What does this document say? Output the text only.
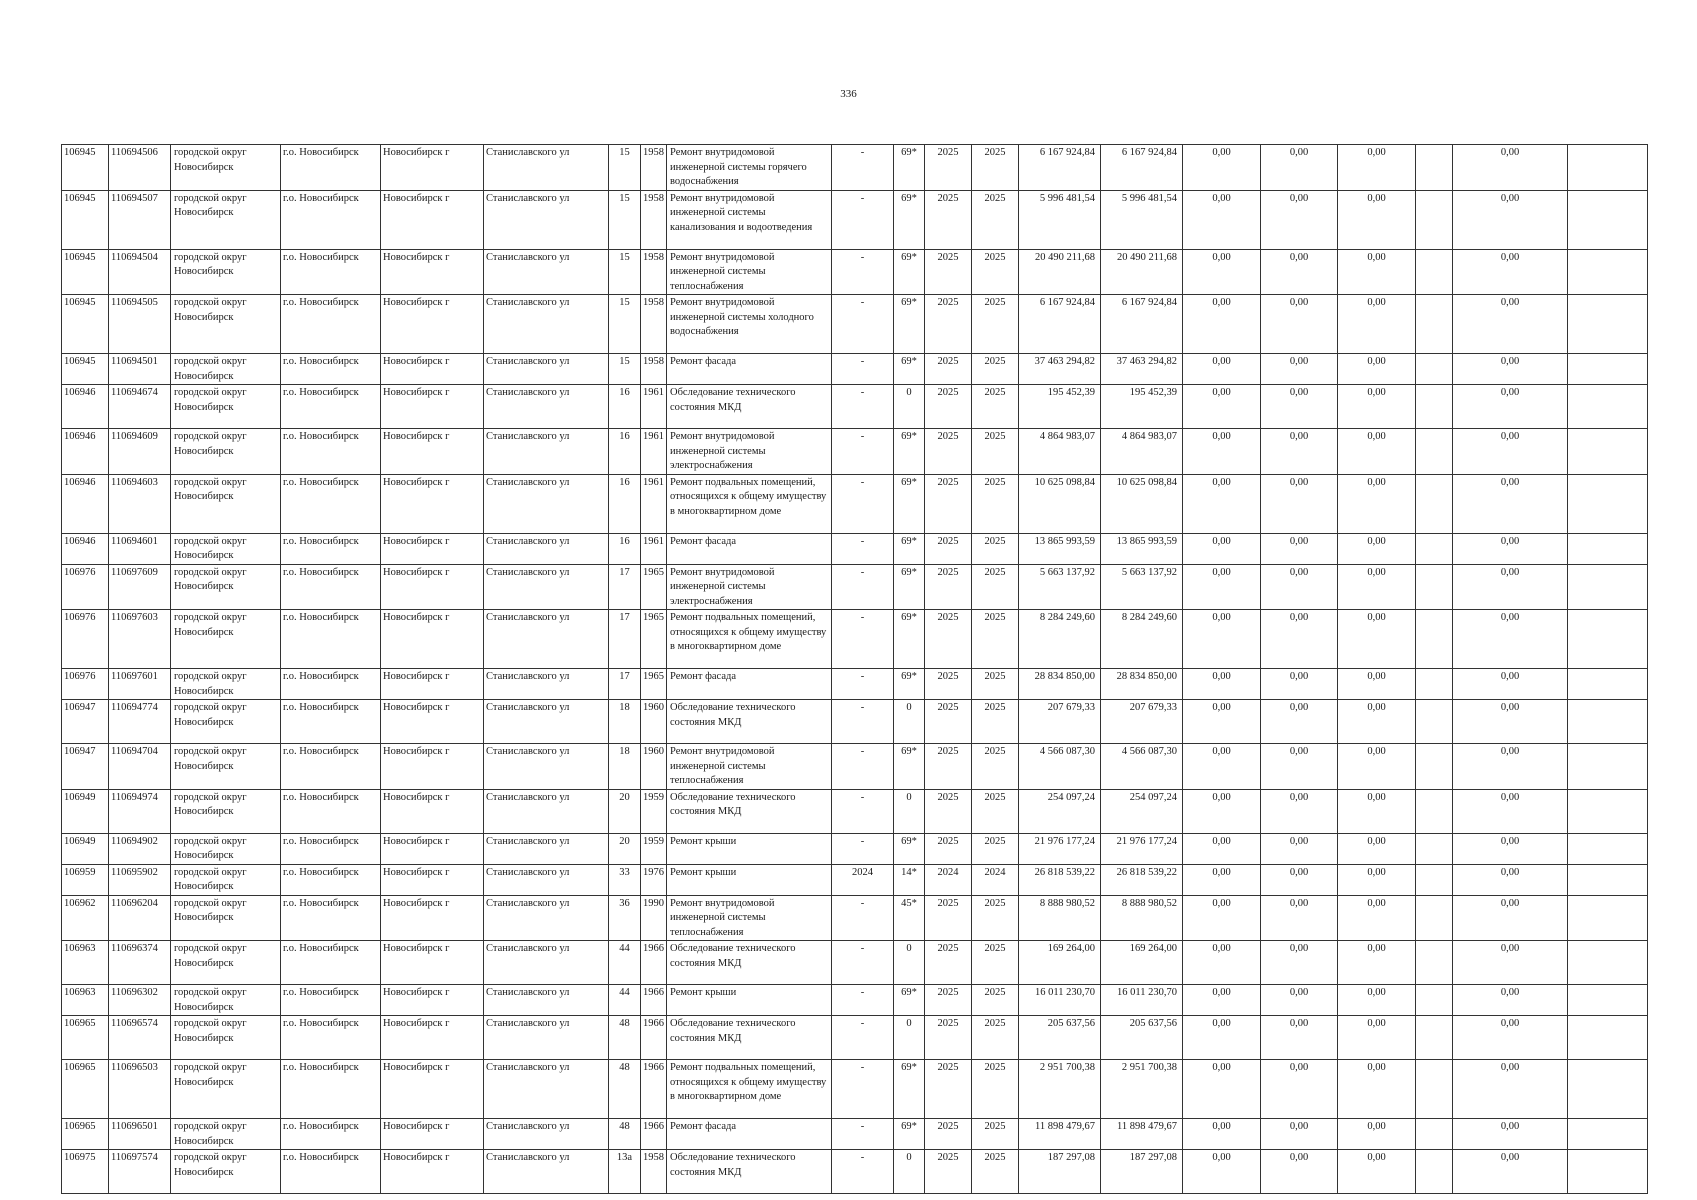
336
106945	110694506	городской округ Новосибирск	г.о. Новосибирск	Новосибирск г	Станиславского ул	15	1958	Ремонт внутридомовой инженерной системы горячего водоснабжения	-	69*	2025	2025	6 167 924,84	6 167 924,84	0,00	0,00	0,00		0,00	
106945	110694507	городской округ Новосибирск	г.о. Новосибирск	Новосибирск г	Станиславского ул	15	1958	Ремонт внутридомовой инженерной системы канализования и водоотведения	-	69*	2025	2025	5 996 481,54	5 996 481,54	0,00	0,00	0,00		0,00	
106945	110694504	городской округ Новосибирск	г.о. Новосибирск	Новосибирск г	Станиславского ул	15	1958	Ремонт внутридомовой инженерной системы теплоснабжения	-	69*	2025	2025	20 490 211,68	20 490 211,68	0,00	0,00	0,00		0,00	
106945	110694505	городской округ Новосибирск	г.о. Новосибирск	Новосибирск г	Станиславского ул	15	1958	Ремонт внутридомовой инженерной системы холодного водоснабжения	-	69*	2025	2025	6 167 924,84	6 167 924,84	0,00	0,00	0,00		0,00	
106945	110694501	городской округ Новосибирск	г.о. Новосибирск	Новосибирск г	Станиславского ул	15	1958	Ремонт фасада	-	69*	2025	2025	37 463 294,82	37 463 294,82	0,00	0,00	0,00		0,00	
106946	110694674	городской округ Новосибирск	г.о. Новосибирск	Новосибирск г	Станиславского ул	16	1961	Обследование технического состояния МКД	-	0	2025	2025	195 452,39	195 452,39	0,00	0,00	0,00		0,00	
106946	110694609	городской округ Новосибирск	г.о. Новосибирск	Новосибирск г	Станиславского ул	16	1961	Ремонт внутридомовой инженерной системы электроснабжения	-	69*	2025	2025	4 864 983,07	4 864 983,07	0,00	0,00	0,00		0,00	
106946	110694603	городской округ Новосибирск	г.о. Новосибирск	Новосибирск г	Станиславского ул	16	1961	Ремонт подвальных помещений, относящихся к общему имуществу в многоквартирном доме	-	69*	2025	2025	10 625 098,84	10 625 098,84	0,00	0,00	0,00		0,00	
106946	110694601	городской округ Новосибирск	г.о. Новосибирск	Новосибирск г	Станиславского ул	16	1961	Ремонт фасада	-	69*	2025	2025	13 865 993,59	13 865 993,59	0,00	0,00	0,00		0,00	
106976	110697609	городской округ Новосибирск	г.о. Новосибирск	Новосибирск г	Станиславского ул	17	1965	Ремонт внутридомовой инженерной системы электроснабжения	-	69*	2025	2025	5 663 137,92	5 663 137,92	0,00	0,00	0,00		0,00	
106976	110697603	городской округ Новосибирск	г.о. Новосибирск	Новосибирск г	Станиславского ул	17	1965	Ремонт подвальных помещений, относящихся к общему имуществу в многоквартирном доме	-	69*	2025	2025	8 284 249,60	8 284 249,60	0,00	0,00	0,00		0,00	
106976	110697601	городской округ Новосибирск	г.о. Новосибирск	Новосибирск г	Станиславского ул	17	1965	Ремонт фасада	-	69*	2025	2025	28 834 850,00	28 834 850,00	0,00	0,00	0,00		0,00	
106947	110694774	городской округ Новосибирск	г.о. Новосибирск	Новосибирск г	Станиславского ул	18	1960	Обследование технического состояния МКД	-	0	2025	2025	207 679,33	207 679,33	0,00	0,00	0,00		0,00	
106947	110694704	городской округ Новосибирск	г.о. Новосибирск	Новосибирск г	Станиславского ул	18	1960	Ремонт внутридомовой инженерной системы теплоснабжения	-	69*	2025	2025	4 566 087,30	4 566 087,30	0,00	0,00	0,00		0,00	
106949	110694974	городской округ Новосибирск	г.о. Новосибирск	Новосибирск г	Станиславского ул	20	1959	Обследование технического состояния МКД	-	0	2025	2025	254 097,24	254 097,24	0,00	0,00	0,00		0,00	
106949	110694902	городской округ Новосибирск	г.о. Новосибирск	Новосибирск г	Станиславского ул	20	1959	Ремонт крыши	-	69*	2025	2025	21 976 177,24	21 976 177,24	0,00	0,00	0,00		0,00	
106959	110695902	городской округ Новосибирск	г.о. Новосибирск	Новосибирск г	Станиславского ул	33	1976	Ремонт крыши	2024	14*	2024	2024	26 818 539,22	26 818 539,22	0,00	0,00	0,00		0,00	
106962	110696204	городской округ Новосибирск	г.о. Новосибирск	Новосибирск г	Станиславского ул	36	1990	Ремонт внутридомовой инженерной системы теплоснабжения	-	45*	2025	2025	8 888 980,52	8 888 980,52	0,00	0,00	0,00		0,00	
106963	110696374	городской округ Новосибирск	г.о. Новосибирск	Новосибирск г	Станиславского ул	44	1966	Обследование технического состояния МКД	-	0	2025	2025	169 264,00	169 264,00	0,00	0,00	0,00		0,00	
106963	110696302	городской округ Новосибирск	г.о. Новосибирск	Новосибирск г	Станиславского ул	44	1966	Ремонт крыши	-	69*	2025	2025	16 011 230,70	16 011 230,70	0,00	0,00	0,00		0,00	
106965	110696574	городской округ Новосибирск	г.о. Новосибирск	Новосибирск г	Станиславского ул	48	1966	Обследование технического состояния МКД	-	0	2025	2025	205 637,56	205 637,56	0,00	0,00	0,00		0,00	
106965	110696503	городской округ Новосибирск	г.о. Новосибирск	Новосибирск г	Станиславского ул	48	1966	Ремонт подвальных помещений, относящихся к общему имуществу в многоквартирном доме	-	69*	2025	2025	2 951 700,38	2 951 700,38	0,00	0,00	0,00		0,00	
106965	110696501	городской округ Новосибирск	г.о. Новосибирск	Новосибирск г	Станиславского ул	48	1966	Ремонт фасада	-	69*	2025	2025	11 898 479,67	11 898 479,67	0,00	0,00	0,00		0,00	
106975	110697574	городской округ Новосибирск	г.о. Новосибирск	Новосибирск г	Станиславского ул	13а	1958	Обследование технического состояния МКД	-	0	2025	2025	187 297,08	187 297,08	0,00	0,00	0,00		0,00	
